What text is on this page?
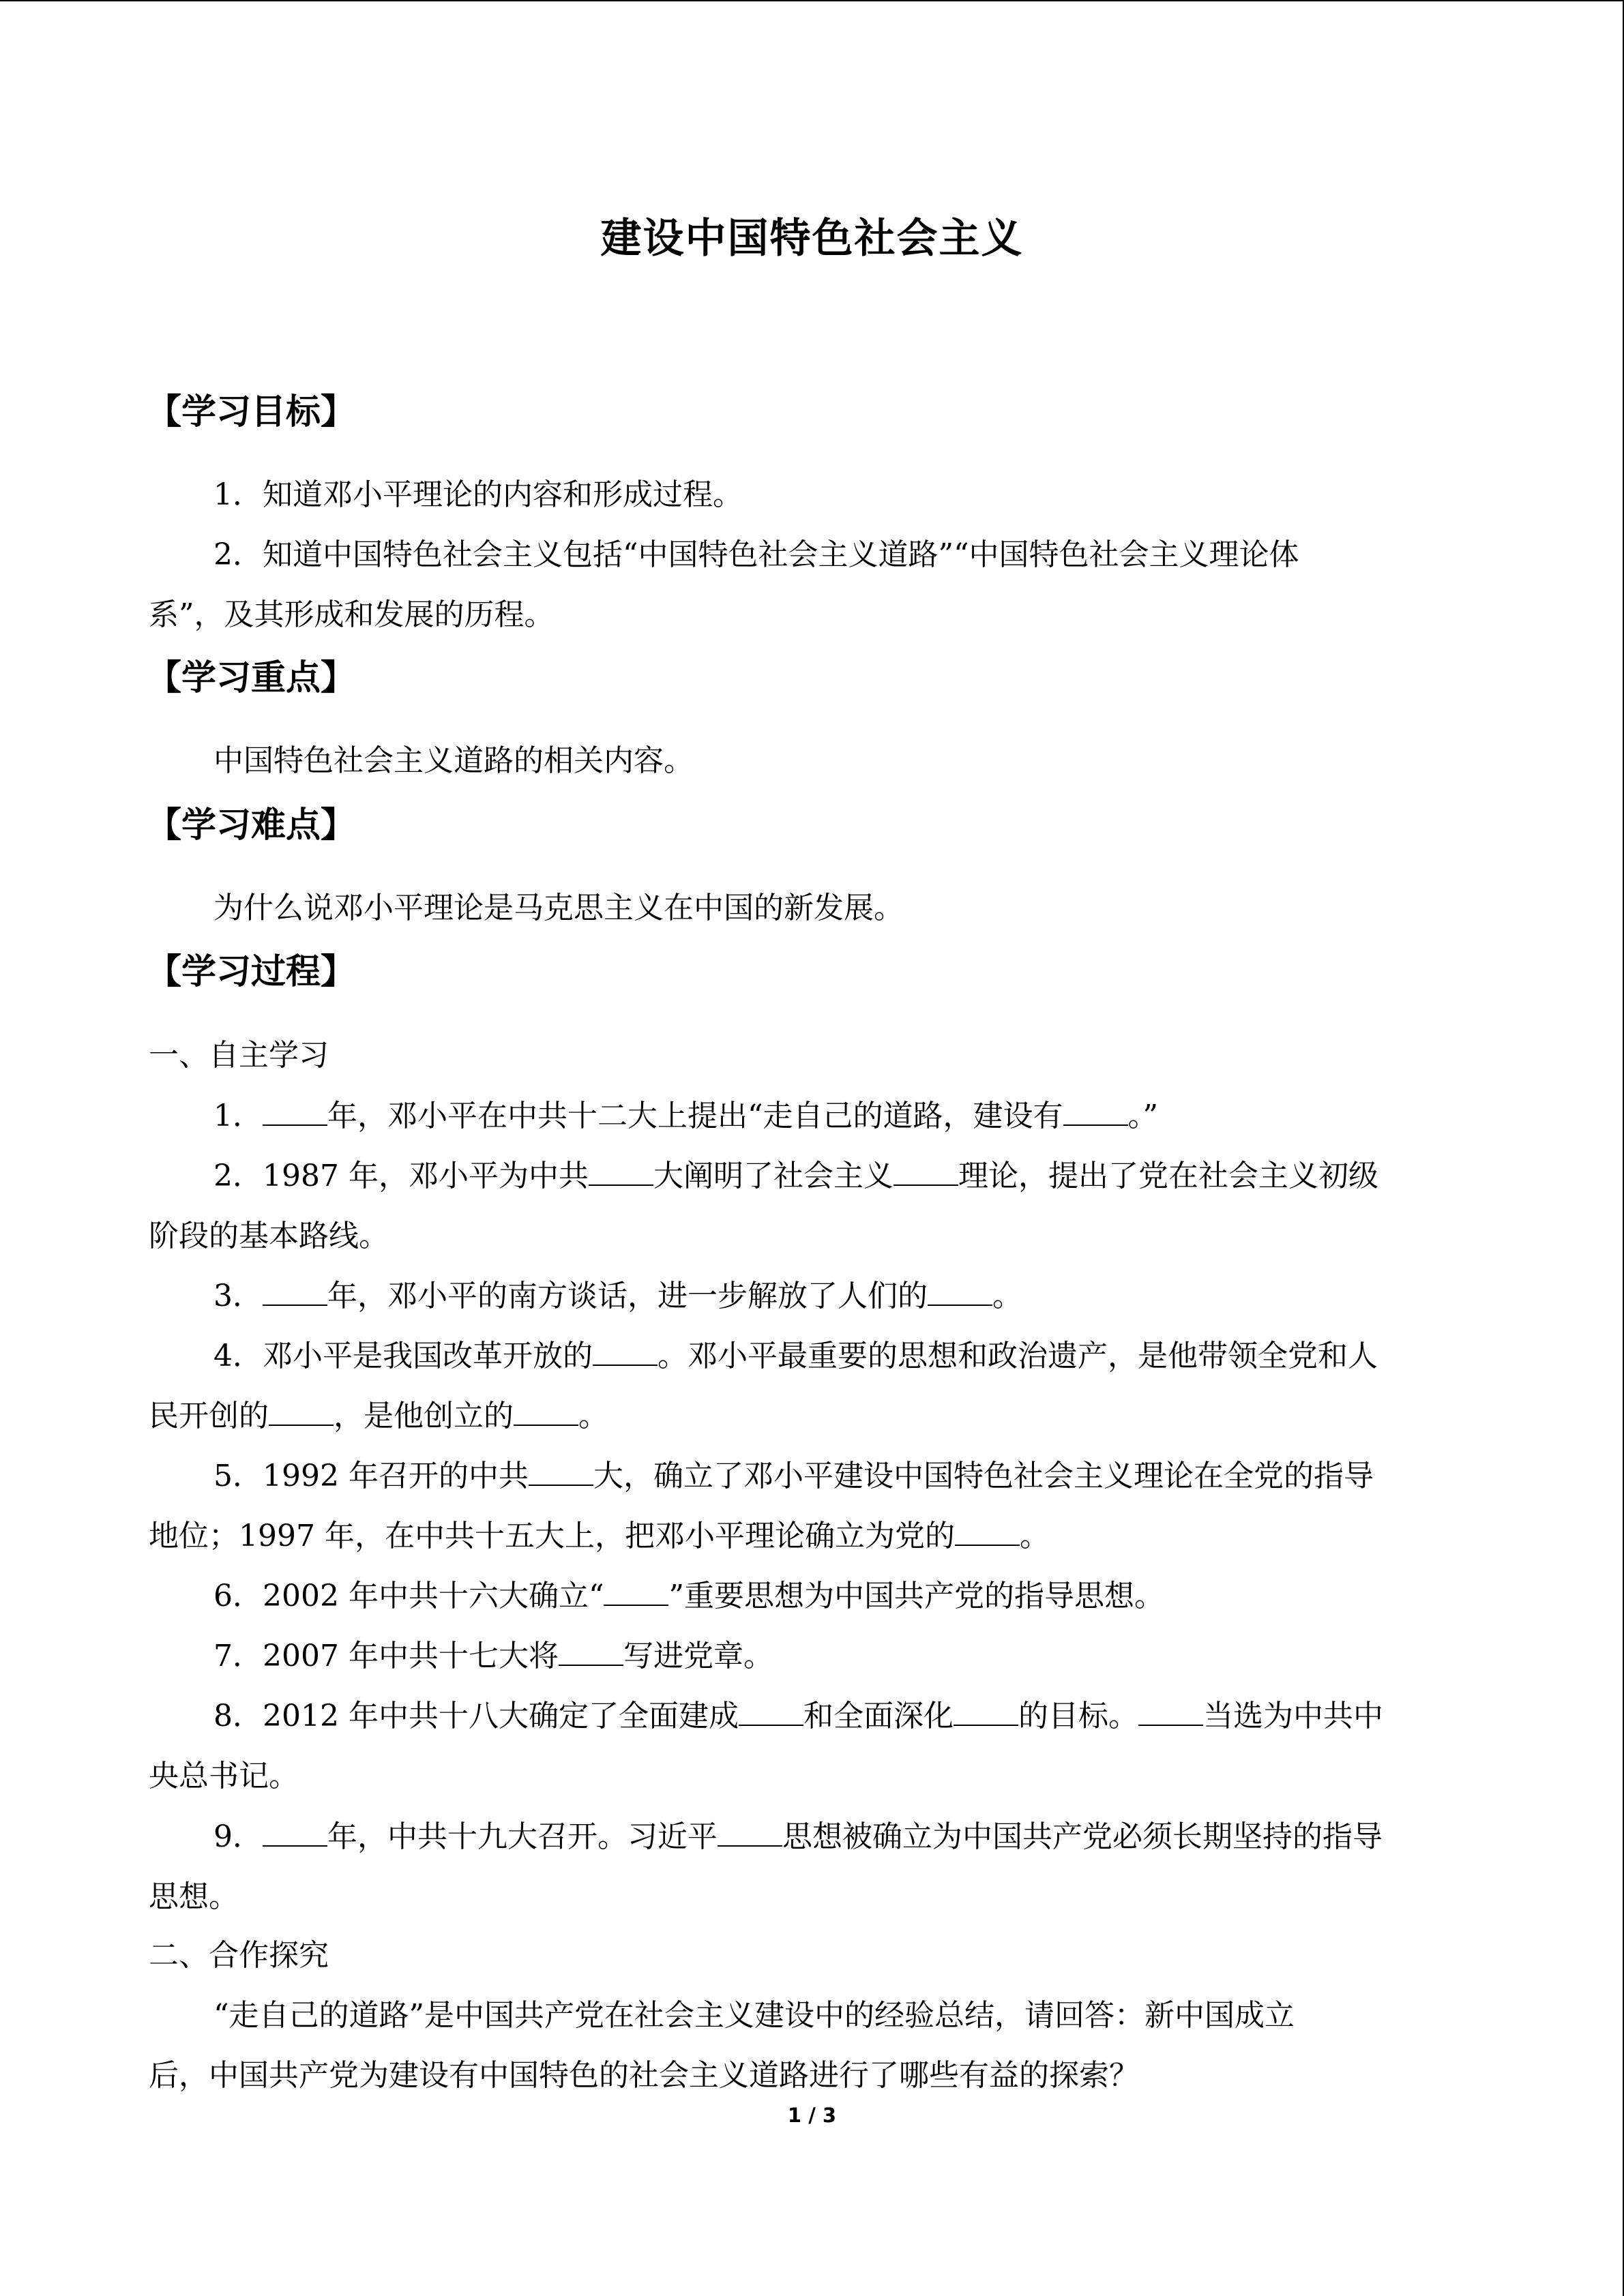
建设中国特色社会主义
【学习目标】
1．知道邓小平理论的内容和形成过程。
2．知道中国特色社会主义包括“中国特色社会主义道路”“中国特色社会主义理论体
系”，及其形成和发展的历程。
【学习重点】
中国特色社会主义道路的相关内容。
【学习难点】
为什么说邓小平理论是马克思主义在中国的新发展。
【学习过程】
一、自主学习
1． 年，邓小平在中共十二大上提出“走自己的道路，建设有 。”
2．1987 年，邓小平为中共 大阐明了社会主义 理论，提出了党在社会主义初级
阶段的基本路线。
3． 年，邓小平的南方谈话，进一步解放了人们的 。
4．邓小平是我国改革开放的 。邓小平最重要的思想和政治遗产，是他带领全党和人
民开创的 ，是他创立的 。
5．1992 年召开的中共 大，确立了邓小平建设中国特色社会主义理论在全党的指导
地位；1997 年，在中共十五大上，把邓小平理论确立为党的 。
6．2002 年中共十六大确立“ ”重要思想为中国共产党的指导思想。
7．2007 年中共十七大将 写进党章。
8．2012 年中共十八大确定了全面建成 和全面深化 的目标。 当选为中共中
央总书记。
9． 年，中共十九大召开。习近平 思想被确立为中国共产党必须长期坚持的指导
思想。
二、合作探究
“走自己的道路”是中国共产党在社会主义建设中的经验总结，请回答：新中国成立
后，中国共产党为建设有中国特色的社会主义道路进行了哪些有益的探索？
1 / 3
